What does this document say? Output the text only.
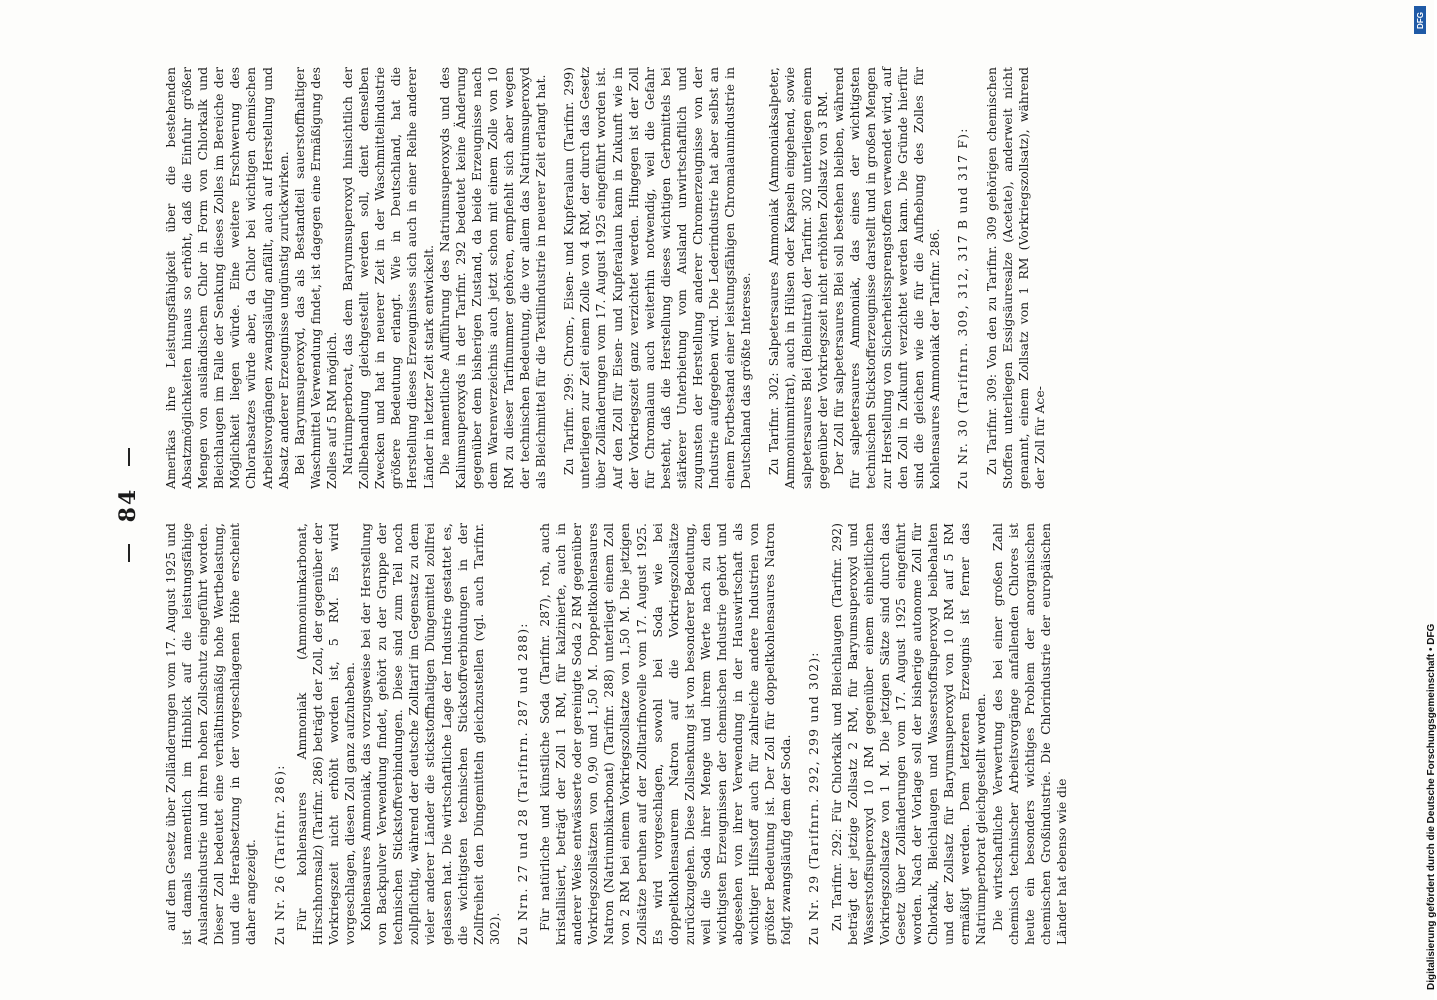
84

auf dem Gesetz über Zolländerungen vom 17. August 1925 und ist damals namentlich im Hinblick auf die leistungsfähige Auslandsindustrie und ihren hohen Zollschutz eingeführt worden. Dieser Zoll bedeutet eine verhältnismäßig hohe Wertbelastung, und die Herabsetzung in der vorgeschlagenen Höhe erscheint daher angezeigt. Zu Nr. 26 (Tarifnr. 286): Für kohlensaures Ammoniak (Ammoniumkarbonat, Hirschhornsalz) (Tarifnr. 286) beträgt der Zoll, der gegenüber der Vorkriegszeit nicht erhöht worden ist, 5 RM. Es wird vorgeschlagen, diesen Zoll ganz aufzuheben. Kohlensaures Ammoniak, das vorzugsweise bei der Herstellung von Backpulver Verwendung findet, gehört zu der Gruppe der technischen Stickstoffverbindungen. Diese sind zum Teil noch zollpflichtig, während der deutsche Zolltarif im Gegensatz zu dem vieler anderer Länder die stickstoffhaltigen Düngemittel zollfrei gelassen hat. Die wirtschaftliche Lage der Industrie gestattet es, die wichtigsten technischen Stickstoffverbindungen in der Zollfreiheit den Düngemitteln gleichzustellen (vgl. auch Tarifnr. 302). Zu Nrn. 27 und 28 (Tarifnrn. 287 und 288): Für natürliche und künstliche Soda (Tarifnr. 287), roh, auch kristallisiert, beträgt der Zoll 1 RM, für kalzinierte, auch in anderer Weise entwässerte oder gereinigte Soda 2 RM gegenüber Vorkriegszollsätzen von 0,90 und 1,50 M. Doppeltkohlensaures Natron (Natriumbikarbonat) (Tarifnr. 288) unterliegt einem Zoll von 2 RM bei einem Vorkriegszollsatze von 1,50 M. Die jetzigen Zollsätze beruhen auf der Zolltarifnovelle vom 17. August 1925. Es wird vorgeschlagen, sowohl bei Soda wie bei doppeltkohlensaurem Natron auf die Vorkriegszollsätze zurückzugehen. Diese Zollsenkung ist von besonderer Bedeutung, weil die Soda ihrer Menge und ihrem Werte nach zu den wichtigsten Erzeugnissen der chemischen Industrie gehört und abgesehen von ihrer Verwendung in der Hauswirtschaft als wichtiger Hilfsstoff auch für zahlreiche andere Industrien von größter Bedeutung ist. Der Zoll für doppeltkohlensaures Natron folgt zwangsläufig dem der Soda. Zu Nr. 29 (Tarifnrn. 292, 299 und 302): Zu Tarifnr. 292: Für Chlorkalk und Bleichlaugen (Tarifnr. 292) beträgt der jetzige Zollsatz 2 RM, für Baryumsuperoxyd und Wasserstoffsuperoxyd 10 RM gegenüber einem einheitlichen Vorkriegszollsatze von 1 M. Die jetzigen Sätze sind durch das Gesetz über Zolländerungen vom 17. August 1925 eingeführt worden. Nach der Vorlage soll der bisherige autonome Zoll für Chlorkalk, Bleichlaugen und Wasserstoffsuperoxyd beibehalten und der Zollsatz für Baryumsuperoxyd von 10 RM auf 5 RM ermäßigt werden. Dem letzteren Erzeugnis ist ferner das Natriumperborat gleichgestellt worden. Die wirtschaftliche Verwertung des bei einer großen Zahl chemisch technischer Arbeitsvorgänge anfallenden Chlores ist heute ein besonders wichtiges Problem der anorganischen chemischen Großindustrie. Die Chlorindustrie der europäischen Länder hat ebenso wie die

Amerikas ihre Leistungsfähigkeit über die bestehenden Absatzmöglichkeiten hinaus so erhöht, daß die Einfuhr größer Mengen von ausländischem Chlor in Form von Chlorkalk und Bleichlaugen im Falle der Senkung dieses Zolles im Bereiche der Möglichkeit liegen würde. Eine weitere Erschwerung des Chlorabsatzes würde aber, da Chlor bei wichtigen chemischen Arbeitsvorgängen zwangsläufig anfällt, auch auf Herstellung und Absatz anderer Erzeugnisse ungünstig zurückwirken. Bei Baryumsuperoxyd, das als Bestandteil sauerstoffhaltiger Waschmittel Verwendung findet, ist dagegen eine Ermäßigung des Zolles auf 5 RM möglich. Natriumperborat, das dem Baryumsuperoxyd hinsichtlich der Zollbehandlung gleichgestellt werden soll, dient denselben Zwecken und hat in neuerer Zeit in der Waschmittelindustrie größere Bedeutung erlangt. Wie in Deutschland, hat die Herstellung dieses Erzeugnisses sich auch in einer Reihe anderer Länder in letzter Zeit stark entwickelt. Die namentliche Aufführung des Natriumsuperoxyds und des Kaliumsuperoxyds in der Tarifnr. 292 bedeutet keine Änderung gegenüber dem bisherigen Zustand, da beide Erzeugnisse nach dem Warenverzeichnis auch jetzt schon mit einem Zolle von 10 RM zu dieser Tarifnummer gehören, empfiehlt sich aber wegen der technischen Bedeutung, die vor allem das Natriumsuperoxyd als Bleichmittel für die Textilindustrie in neuerer Zeit erlangt hat. Zu Tarifnr. 299: Chrom-, Eisen- und Kupferalaun (Tarifnr. 299) unterliegen zur Zeit einem Zolle von 4 RM, der durch das Gesetz über Zolländerungen vom 17. August 1925 eingeführt worden ist. Auf den Zoll für Eisen- und Kupferalaun kann in Zukunft wie in der Vorkriegszeit ganz verzichtet werden. Hingegen ist der Zoll für Chromalaun auch weiterhin notwendig, weil die Gefahr besteht, daß die Herstellung dieses wichtigen Gerbmittels bei stärkerer Unterbietung vom Ausland unwirtschaftlich und zugunsten der Herstellung anderer Chromerzeugnisse von der Industrie aufgegeben wird. Die Lederindustrie hat aber selbst an einem Fortbestand einer leistungsfähigen Chromalaunindustrie in Deutschland das größte Interesse. Zu Tarifnr. 302: Salpetersaures Ammoniak (Ammoniaksalpeter, Ammoniumnitrat), auch in Hülsen oder Kapseln eingehend, sowie salpetersaures Blei (Bleinitrat) der Tarifnr. 302 unterliegen einem gegenüber der Vorkriegszeit nicht erhöhten Zollsatz von 3 RM. Der Zoll für salpetersaures Blei soll bestehen bleiben, während für salpetersaures Ammoniak, das eines der wichtigsten technischen Stickstofferzeugnisse darstellt und in großen Mengen zur Herstellung von Sicherheitssprengstoffen verwendet wird, auf den Zoll in Zukunft verzichtet werden kann. Die Gründe hierfür sind die gleichen wie die für die Aufhebung des Zolles für kohlensaures Ammoniak der Tarifnr. 286. Zu Nr. 30 (Tarifnrn. 309, 312, 317 B und 317 F): Zu Tarifnr. 309: Von den zu Tarifnr. 309 gehörigen chemischen Stoffen unterliegen Essigsäuresalze (Acetate), anderweit nicht genannt, einem Zollsatz von 1 RM (Vorkriegszollsatz), während der Zoll für Ace-

Digitalisierung gefördert durch die Deutsche Forschungsgemeinschaft • DFG
DFG
